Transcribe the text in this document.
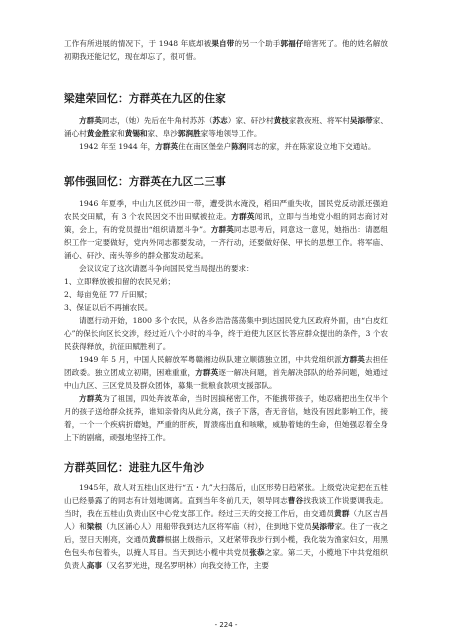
工作有所进展的情况下，于 1948 年底却被果自带的另一个助手郭福仔暗害死了。他的姓名解放初期我还能记忆，现在却忘了，很可惜。

梁建荣回忆：方群英在九区的住家

方群英同志，（她）先后在牛角村苏苏（苏志）家、矸沙村黄枝家教夜班、将军村吴添带家、涌心村黄金胜家和黄锡和家、阜沙郭润胜家等地领导工作。

1942 年至 1944 年，方群英住在南区堡垒户陈润同志的家，并在陈家设立地下交通站。

郭伟强回忆：方群英在九区二三事

1946 年夏季，中山九区低沙田一带，遭受洪水淹没，稻田严重失收，国民党反动派还强迫农民交田赋，有 3 个农民因交不出田赋被拉走。方群英闻讯，立即与当地党小组的同志商讨对策，会上，有的党员提出“组织请愿斗争”。方群英同志思考后，同意这一意见，她指出：请愿组织工作一定要做好，党内外同志都要发动，一齐行动，还要做好保、甲长的思想工作。将军庙、涌心、矸沙、南头等乡的群众都发动起来。

会议议定了这次请愿斗争向国民党当局提出的要求：

1、立即释放被扣留的农民兄弟；

2、每亩免征 77 斤田赋；

3、保证以后不再捕农民。

请愿行动开始，1800 多个农民，从各乡浩浩荡荡集中到达国民党九区政府外面，由“白皮红心”的保长向区长交涉，经过近八个小时的斗争，终于迫使九区区长答应群众提出的条件，3 个农民获得释放，抗征田赋胜利了。

1949 年 5 月，中国人民解放军粤赣湘边纵队建立顺德独立团，中共党组织派方群英去担任团政委。独立团成立初期，困难重重，方群英逐一解决问题，首先解决部队的给养问题，她通过中山九区、三区党员及群众团体，募集一批粮食款项支援部队。

方群英为了祖国，四处奔波革命，当时因搞秘密工作，不能携带孩子，她忍痛把出生仅半个月的孩子送给群众抚养，谁知亲骨肉从此分离，孩子下落，杳无音信，她没有因此影响工作，接着，一个一个疾病折磨她，严重的肝疾，胃溃疡出血和咳嗽，威胁着她的生命，但她强忍着全身上下的剧痛，顽强地坚持工作。

方群英回忆：进驻九区牛角沙

1945年，敌人对五桂山区进行“五・九”大扫荡后，山区形势日趋紧张。上级党决定把在五桂山已经暴露了的同志有计划地调离。直到当年冬前几天，领导同志曹谷找我谈工作说要调我走。当时，我在五桂山负责山区中心党支部工作。经过三天的交接工作后，由交通员黄群（九区吉昌人）和梁根（九区涌心人）用船带我到达九区将军庙（村），住到地下党员吴添带家。住了一夜之后，翌日天刚亮，交通员黄群根据上级指示，又赶紧带我步行到小榄，我化装为渔家妇女，用黑色包头布包着头，以掩人耳目。当天到达小榄中共党员张恭之家。第二天，小榄地下中共党组织负责人高事（又名罗光进，现名罗明林）向我交待工作，主要

- 224 -
